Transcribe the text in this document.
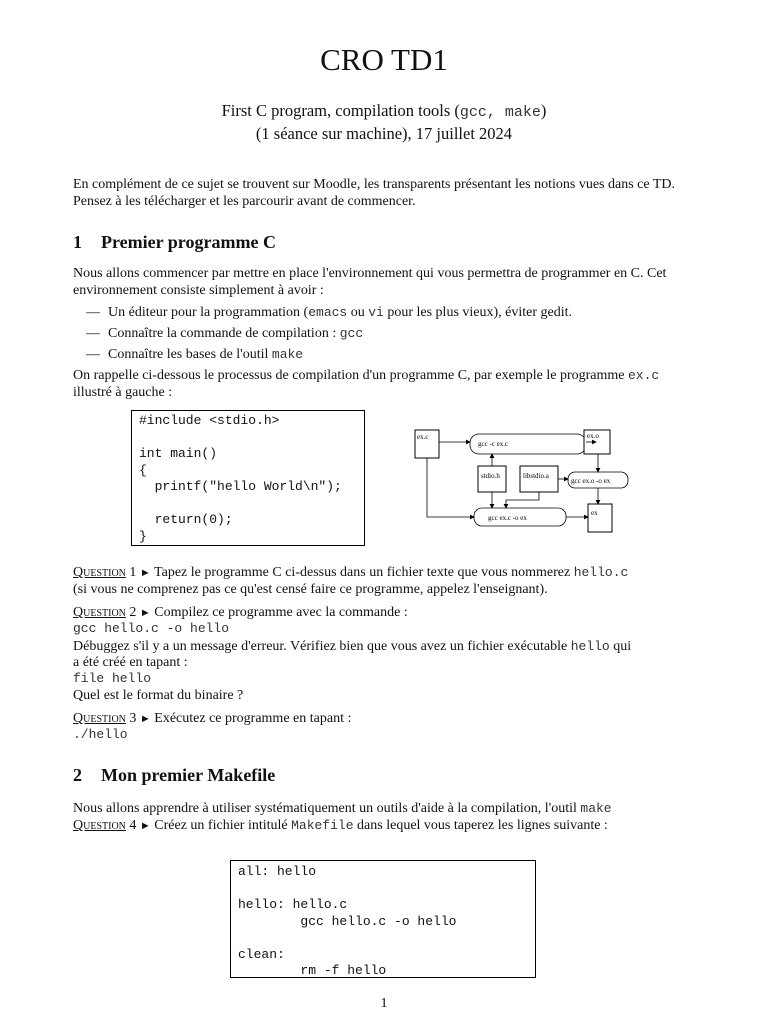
CRO TD1
First C program, compilation tools (gcc, make)
(1 séance sur machine), 17 juillet 2024
En complément de ce sujet se trouvent sur Moodle, les transparents présentant les notions vues dans ce TD. Pensez à les télécharger et les parcourir avant de commencer.
1 Premier programme C
Nous allons commencer par mettre en place l'environnement qui vous permettra de programmer en C. Cet environnement consiste simplement à avoir :
— Un éditeur pour la programmation (emacs ou vi pour les plus vieux), éviter gedit.
— Connaître la commande de compilation : gcc
— Connaître les bases de l'outil make
On rappelle ci-dessous le processus de compilation d'un programme C, par exemple le programme ex.c illustré à gauche :
#include <stdio.h>

int main()
{
printf("hello World\n");

return(0);
}
ex.c
gcc -c ex.c
ex.o
stdio.h	libstdio.a
gcc ex.o -o ex
gcc ex.c -o ex
ex
Question 1 ► Tapez le programme C ci-dessus dans un fichier texte que vous nommerez hello.c
(si vous ne comprenez pas ce qu'est censé faire ce programme, appelez l'enseignant).
Question 2 ► Compilez ce programme avec la commande :
gcc hello.c -o hello
Débuggez s'il y a un message d'erreur. Vérifiez bien que vous avez un fichier exécutable hello qui
a été créé en tapant :
file hello
Quel est le format du binaire ?
Question 3 ► Exécutez ce programme en tapant :
./hello
2 Mon premier Makefile
Nous allons apprendre à utiliser systématiquement un outils d'aide à la compilation, l'outil make
Question 4 ► Créez un fichier intitulé Makefile dans lequel vous taperez les lignes suivante :
all: hello

hello: hello.c
gcc hello.c -o hello

clean:
rm -f hello
1
